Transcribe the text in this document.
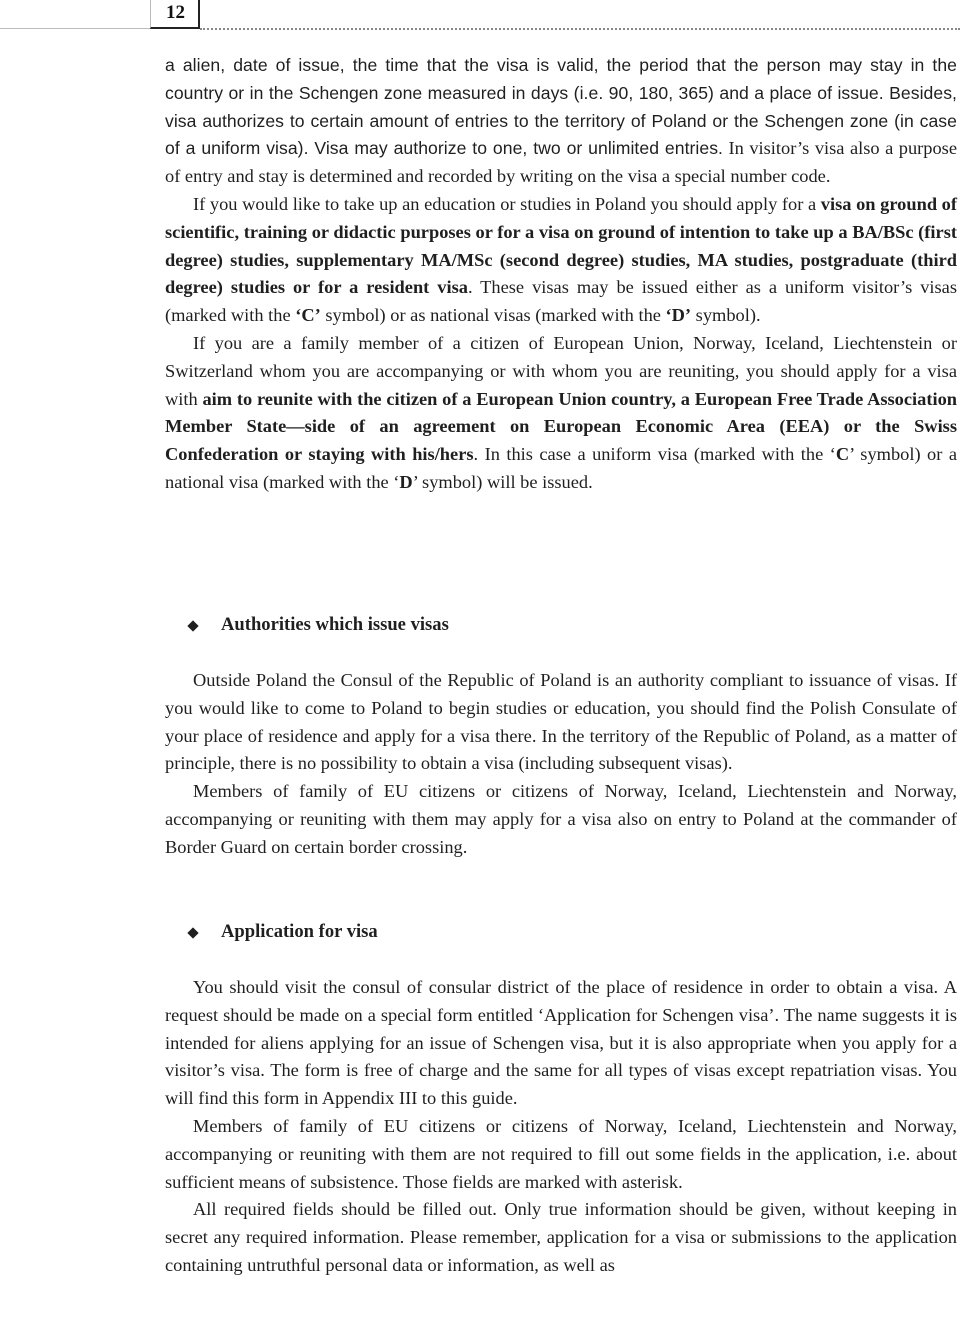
12

a alien, date of issue, the time that the visa is valid, the period that the person may stay in the country or in the Schengen zone measured in days (i.e. 90, 180, 365) and a place of issue. Besides, visa authorizes to certain amount of entries to the territory of Poland or the Schengen zone (in case of a uniform visa). Visa may authorize to one, two or unlimited entries. In visitor’s visa also a purpose of entry and stay is determined and recorded by writing on the visa a special number code.

If you would like to take up an education or studies in Poland you should apply for a visa on ground of scientific, training or didactic purposes or for a visa on ground of intention to take up a BA/BSc (first degree) studies, supplementary MA/MSc (second degree) studies, MA studies, postgraduate (third degree) studies or for a resident visa. These visas may be issued either as a uniform visitor’s visas (marked with the ‘C’ symbol) or as national visas (marked with the ‘D’ symbol).

If you are a family member of a citizen of European Union, Norway, Iceland, Liechtenstein or Switzerland whom you are accompanying or with whom you are reuniting, you should apply for a visa with aim to reunite with the citizen of a European Union country, a European Free Trade Association Member State—side of an agreement on European Economic Area (EEA) or the Swiss Confederation or staying with his/hers. In this case a uniform visa (marked with the ‘C’ symbol) or a national visa (marked with the ‘D’ symbol) will be issued.

Authorities which issue visas

Outside Poland the Consul of the Republic of Poland is an authority compliant to issuance of visas. If you would like to come to Poland to begin studies or education, you should find the Polish Consulate of your place of residence and apply for a visa there. In the territory of the Republic of Poland, as a matter of principle, there is no possibility to obtain a visa (including subsequent visas).

Members of family of EU citizens or citizens of Norway, Iceland, Liechtenstein and Norway, accompanying or reuniting with them may apply for a visa also on entry to Poland at the commander of Border Guard on certain border crossing.

Application for visa

You should visit the consul of consular district of the place of residence in order to obtain a visa. A request should be made on a special form entitled ‘Application for Schengen visa’. The name suggests it is intended for aliens applying for an issue of Schengen visa, but it is also appropriate when you apply for a visitor’s visa. The form is free of charge and the same for all types of visas except repatriation visas. You will find this form in Appendix III to this guide.

Members of family of EU citizens or citizens of Norway, Iceland, Liechtenstein and Norway, accompanying or reuniting with them are not required to fill out some fields in the application, i.e. about sufficient means of subsistence. Those fields are marked with asterisk.

All required fields should be filled out. Only true information should be given, without keeping in secret any required information. Please remember, application for a visa or submissions to the application containing untruthful personal data or information, as well as
